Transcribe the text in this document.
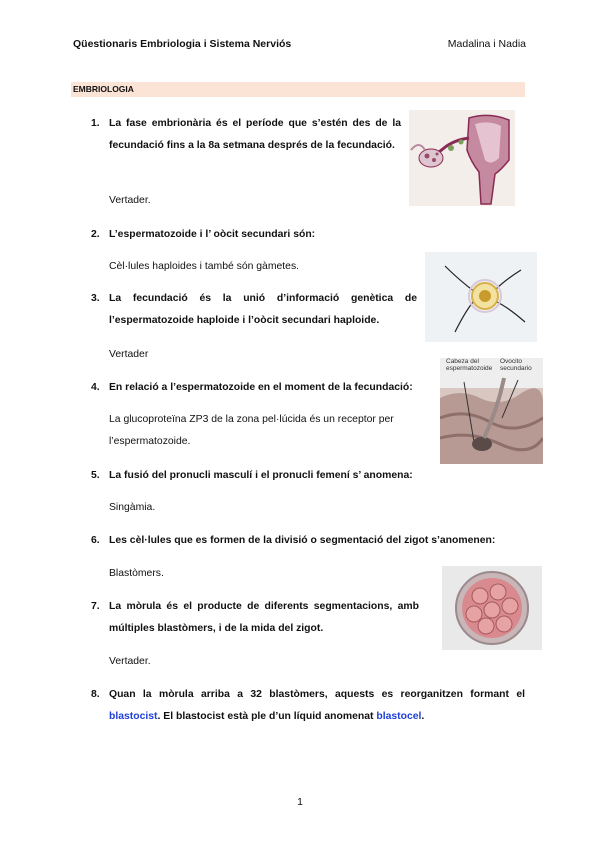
Qüestionaris Embriologia i Sistema Nerviós	Madalina i Nadia
EMBRIOLOGIA
1. La fase embrionària és el període que s’estén des de la fecundació fins a la 8a setmana després de la fecundació.
Vertader.
2. L’espermatozoide i l’ oòcit secundari són:
Cèl·lules haploides i també són gàmetes.
3. La fecundació és la unió d’informació genètica de l’espermatozoide haploide i l’oòcit secundari haploide.
Vertader
4. En relació a l’espermatozoide en el moment de la fecundació:
La glucoproteïna ZP3 de la zona pel·lúcida és un receptor per l’espermatozoide.
5. La fusió del pronucli masculí i el pronucli femení s’ anomena:
Singàmia.
6. Les cèl·lules que es formen de la divisió o segmentació del zigot s’anomenen:
Blastòmers.
7. La mòrula és el producte de diferents segmentacions, amb múltiples blastòmers, i de la mida del zigot.
Vertader.
8. Quan la mòrula arriba a 32 blastòmers, aquests es reorganitzen formant el blastocist. El blastocist està ple d’un líquid anomenat blastocel.
Cabeza del espermatozoide
Ovocito secundario
1
